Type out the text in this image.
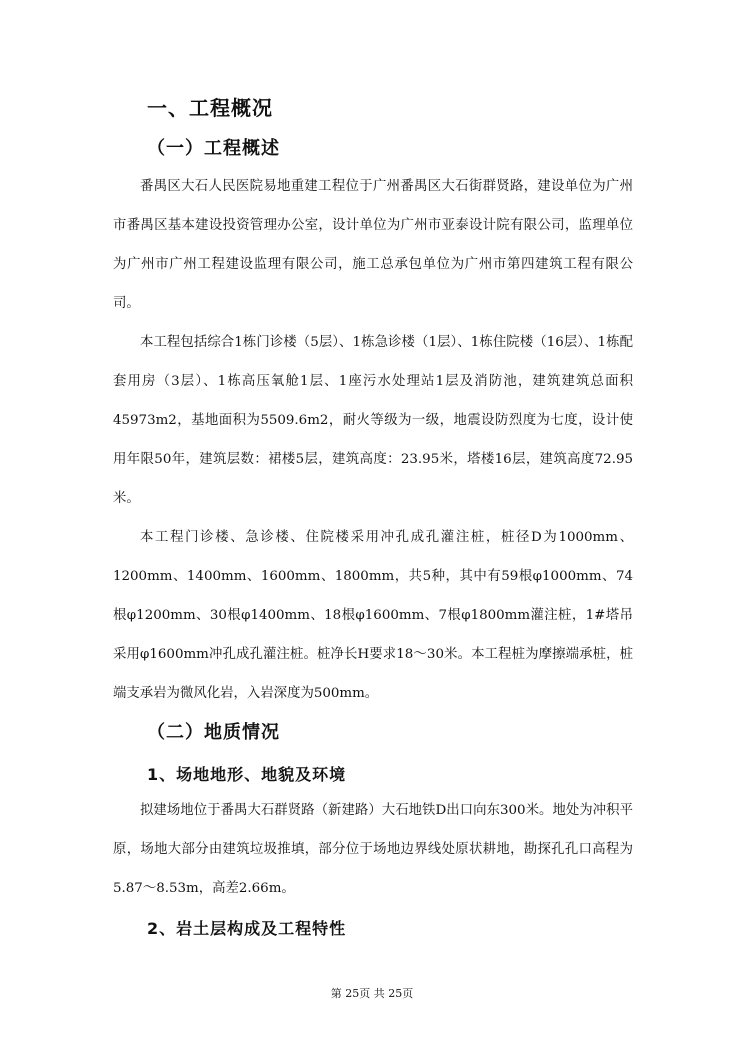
一、工程概况
（一）工程概述

番禺区大石人民医院易地重建工程位于广州番禺区大石街群贤路，建设单位为广州市番禺区基本建设投资管理办公室，设计单位为广州市亚泰设计院有限公司，监理单位为广州市广州工程建设监理有限公司，施工总承包单位为广州市第四建筑工程有限公司。

本工程包括综合1栋门诊楼（5层）、1栋急诊楼（1层）、1栋住院楼（16层）、1栋配套用房（3层）、1栋高压氧舱1层、1座污水处理站1层及消防池，建筑建筑总面积45973m2，基地面积为5509.6m2，耐火等级为一级，地震设防烈度为七度，设计使用年限50年，建筑层数：裙楼5层，建筑高度：23.95米，塔楼16层，建筑高度72.95米。

本工程门诊楼、急诊楼、住院楼采用冲孔成孔灌注桩，桩径D为1000mm、1200mm、1400mm、1600mm、1800mm，共5种，其中有59根φ1000mm、74根φ1200mm、30根φ1400mm、18根φ1600mm、7根φ1800mm灌注桩，1#塔吊采用φ1600mm冲孔成孔灌注桩。桩净长H要求18～30米。本工程桩为摩擦端承桩，桩端支承岩为微风化岩，入岩深度为500mm。

（二）地质情况
1、场地地形、地貌及环境

拟建场地位于番禺大石群贤路（新建路）大石地铁D出口向东300米。地处为冲积平原，场地大部分由建筑垃圾推填，部分位于场地边界线处原状耕地，勘探孔孔口高程为5.87～8.53m，高差2.66m。

2、岩土层构成及工程特性
第 25页 共 25页
